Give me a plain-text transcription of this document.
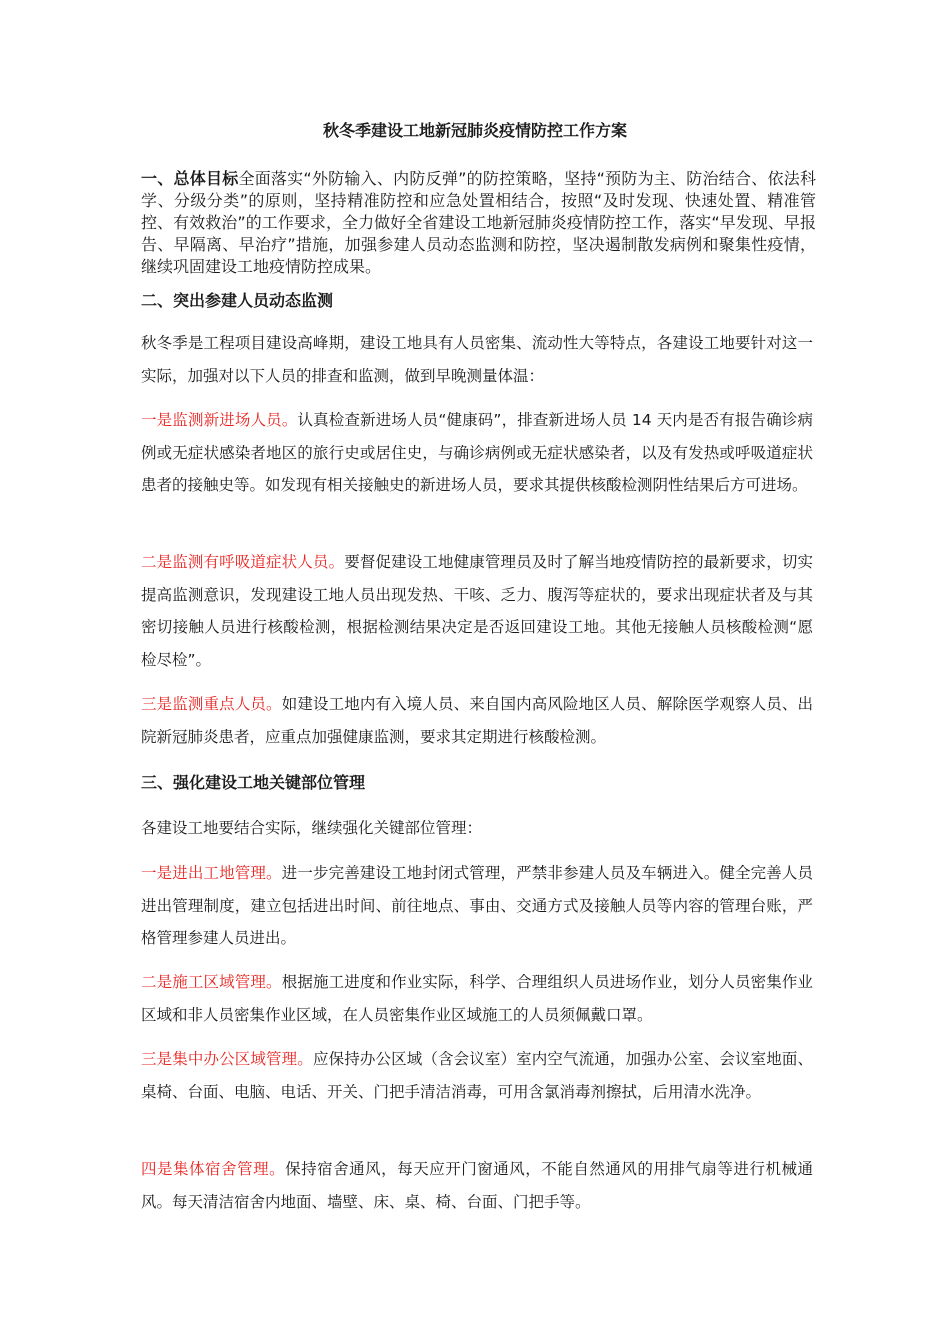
秋冬季建设工地新冠肺炎疫情防控工作方案
一、总体目标全面落实“外防输入、内防反弹”的防控策略，坚持“预防为主、防治结合、依法科学、分级分类”的原则，坚持精准防控和应急处置相结合，按照“及时发现、快速处置、精准管控、有效救治”的工作要求，全力做好全省建设工地新冠肺炎疫情防控工作，落实“早发现、早报告、早隔离、早治疗”措施，加强参建人员动态监测和防控，坚决遏制散发病例和聚集性疫情，继续巩固建设工地疫情防控成果。
二、突出参建人员动态监测
秋冬季是工程项目建设高峰期，建设工地具有人员密集、流动性大等特点，各建设工地要针对这一实际，加强对以下人员的排查和监测，做到早晚测量体温：
一是监测新进场人员。认真检查新进场人员“健康码”，排查新进场人员 14 天内是否有报告确诊病例或无症状感染者地区的旅行史或居住史，与确诊病例或无症状感染者，以及有发热或呼吸道症状患者的接触史等。如发现有相关接触史的新进场人员，要求其提供核酸检测阴性结果后方可进场。
二是监测有呼吸道症状人员。要督促建设工地健康管理员及时了解当地疫情防控的最新要求，切实提高监测意识，发现建设工地人员出现发热、干咳、乏力、腹泻等症状的，要求出现症状者及与其密切接触人员进行核酸检测，根据检测结果决定是否返回建设工地。其他无接触人员核酸检测“愿检尽检”。
三是监测重点人员。如建设工地内有入境人员、来自国内高风险地区人员、解除医学观察人员、出院新冠肺炎患者，应重点加强健康监测，要求其定期进行核酸检测。
三、强化建设工地关键部位管理
各建设工地要结合实际，继续强化关键部位管理：
一是进出工地管理。进一步完善建设工地封闭式管理，严禁非参建人员及车辆进入。健全完善人员进出管理制度，建立包括进出时间、前往地点、事由、交通方式及接触人员等内容的管理台账，严格管理参建人员进出。
二是施工区域管理。根据施工进度和作业实际，科学、合理组织人员进场作业，划分人员密集作业区域和非人员密集作业区域，在人员密集作业区域施工的人员须佩戴口罩。
三是集中办公区域管理。应保持办公区域（含会议室）室内空气流通，加强办公室、会议室地面、桌椅、台面、电脑、电话、开关、门把手清洁消毒，可用含氯消毒剂擦拭，后用清水洗净。
四是集体宿舍管理。保持宿舍通风，每天应开门窗通风，不能自然通风的用排气扇等进行机械通风。每天清洁宿舍内地面、墙壁、床、桌、椅、台面、门把手等。
